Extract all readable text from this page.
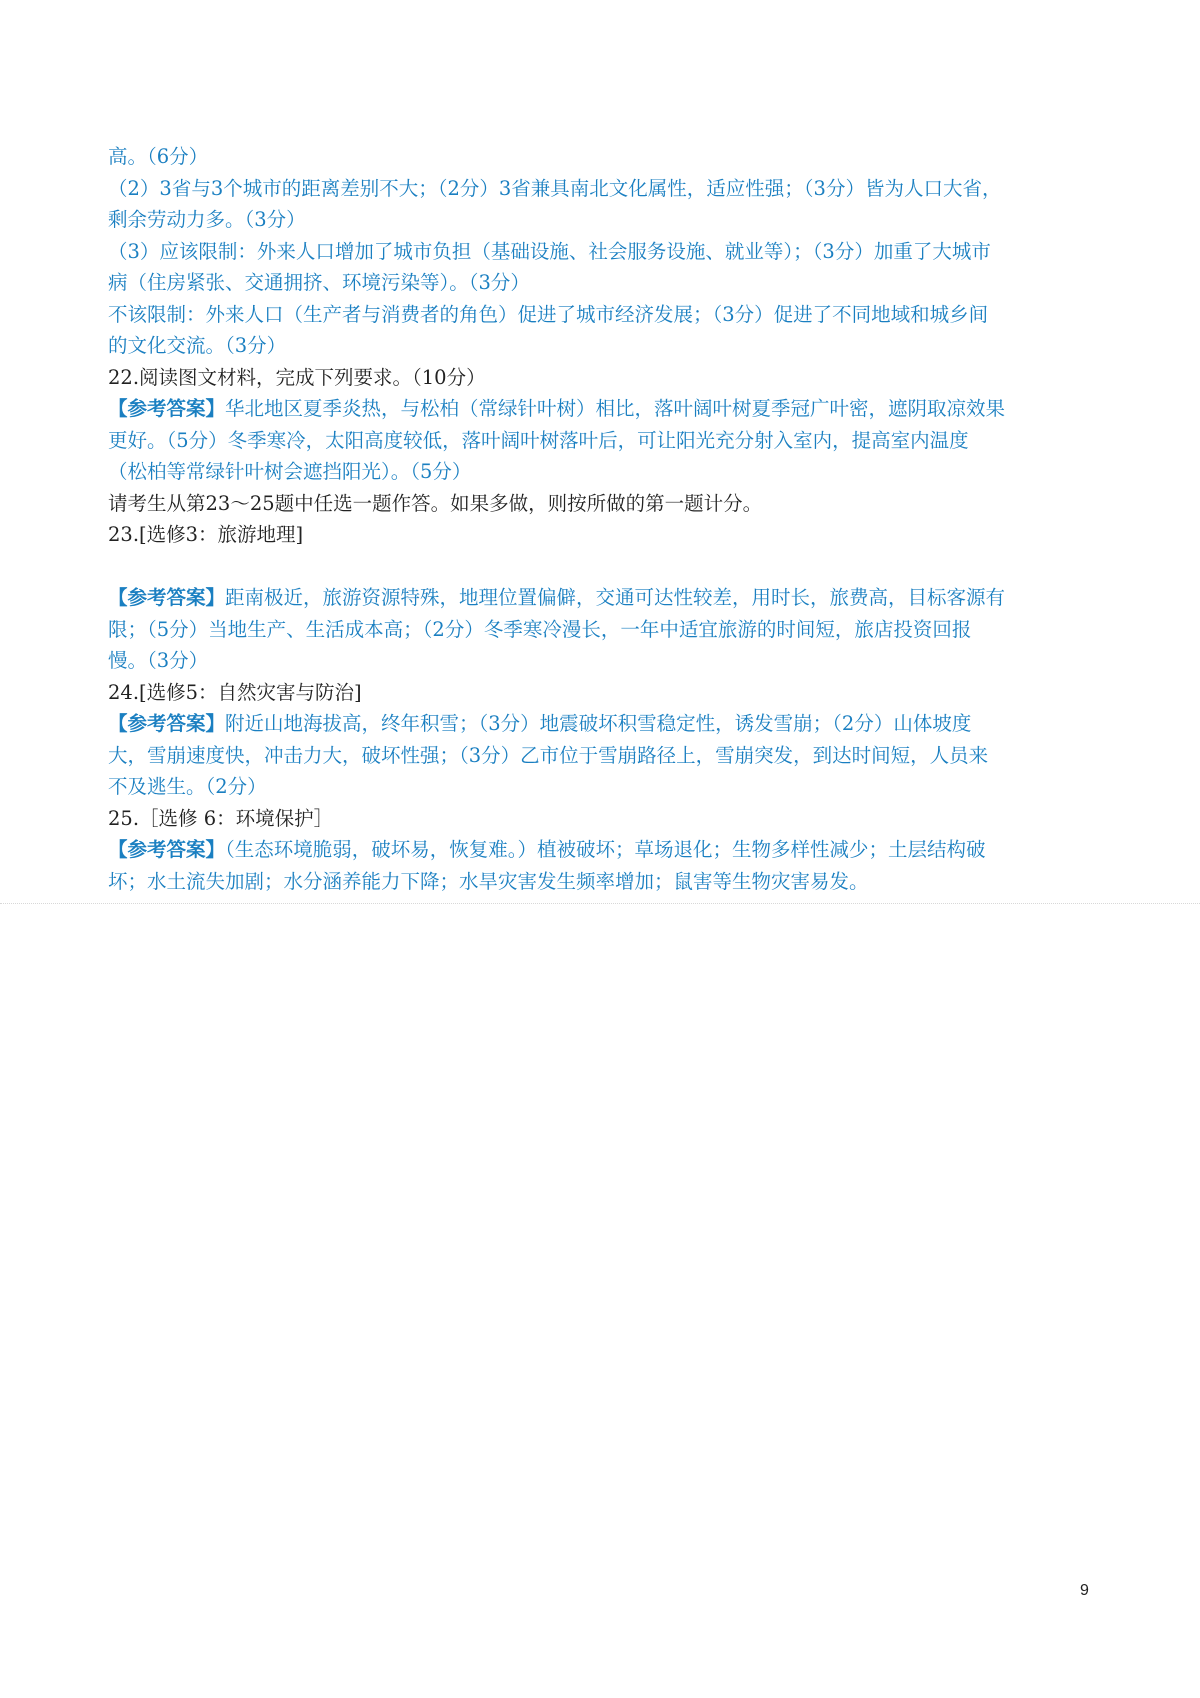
高。（6分）
（2）3省与3个城市的距离差别不大；（2分）3省兼具南北文化属性，适应性强；（3分）皆为人口大省，
剩余劳动力多。（3分）
（3）应该限制：外来人口增加了城市负担（基础设施、社会服务设施、就业等）；（3分）加重了大城市
病（住房紧张、交通拥挤、环境污染等）。（3分）
不该限制：外来人口（生产者与消费者的角色）促进了城市经济发展；（3分）促进了不同地域和城乡间
的文化交流。（3分）
22.阅读图文材料，完成下列要求。（10分）
【参考答案】华北地区夏季炎热，与松柏（常绿针叶树）相比，落叶阔叶树夏季冠广叶密，遮阴取凉效果
更好。（5分）冬季寒冷，太阳高度较低，落叶阔叶树落叶后，可让阳光充分射入室内，提高室内温度
（松柏等常绿针叶树会遮挡阳光）。（5分）
请考生从第23～25题中任选一题作答。如果多做，则按所做的第一题计分。
23.[选修3：旅游地理]
【参考答案】距南极近，旅游资源特殊，地理位置偏僻，交通可达性较差，用时长，旅费高，目标客源有
限；（5分）当地生产、生活成本高；（2分）冬季寒冷漫长，一年中适宜旅游的时间短，旅店投资回报
慢。（3分）
24.[选修5：自然灾害与防治]
【参考答案】附近山地海拔高，终年积雪；（3分）地震破坏积雪稳定性，诱发雪崩；（2分）山体坡度
大，雪崩速度快，冲击力大，破坏性强；（3分）乙市位于雪崩路径上，雪崩突发，到达时间短，人员来
不及逃生。（2分）
25.［选修 6：环境保护］
【参考答案】（生态环境脆弱，破坏易，恢复难。）植被破坏；草场退化；生物多样性减少；土层结构破
坏；水土流失加剧；水分涵养能力下降；水旱灾害发生频率增加；鼠害等生物灾害易发。
9
